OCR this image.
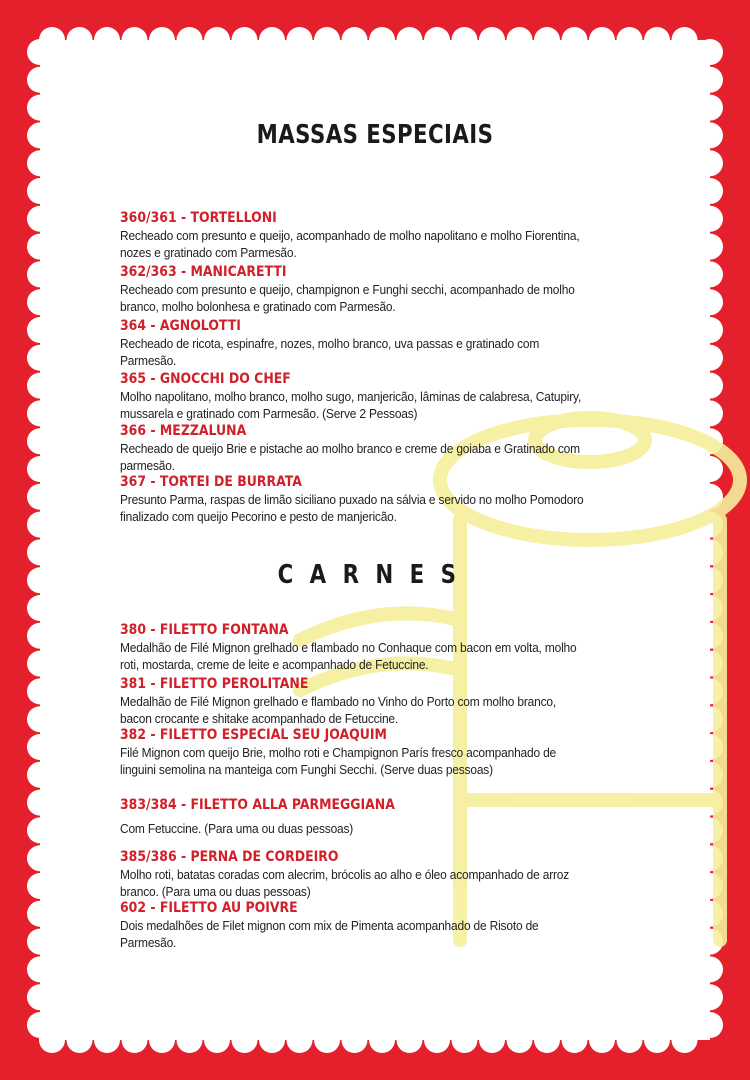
MASSAS ESPECIAIS
360/361 - TORTELLONI

Recheado com presunto e queijo, acompanhado de molho napolitano e molho Fiorentina, nozes e gratinado com Parmesão.

362/363 - MANICARETTI

Recheado com presunto e queijo, champignon e Funghi secchi, acompanhado de molho branco, molho bolonhesa e gratinado com Parmesão.

364 - AGNOLOTTI

Recheado de ricota, espinafre, nozes, molho branco, uva passas e gratinado com Parmesão.

365 - GNOCCHI DO CHEF

Molho napolitano, molho branco, molho sugo, manjericão, lâminas de calabresa, Catupiry, mussarela e gratinado com Parmesão. (Serve 2 Pessoas)

366 - MEZZALUNA

Recheado de queijo Brie e pistache ao molho branco e creme de goiaba e Gratinado com parmesão.

367 - TORTEI DE BURRATA

Presunto Parma, raspas de limão siciliano puxado na sálvia e servido no molho Pomodoro finalizado com queijo Pecorino e pesto de manjericão.

CARNES
380 - FILETTO FONTANA

Medalhão de Filé Mignon grelhado e flambado no Conhaque com bacon em volta, molho roti, mostarda, creme de leite e acompanhado de Fetuccine.

381 - FILETTO PEROLITANE

Medalhão de Filé Mignon grelhado e flambado no Vinho do Porto com molho branco, bacon crocante e shitake acompanhado de Fetuccine.

382 - FILETTO ESPECIAL SEU JOAQUIM

Filé Mignon com queijo Brie, molho roti e Champignon París fresco acompanhado de linguini semolina na manteiga com Funghi Secchi. (Serve duas pessoas)

383/384 - FILETTO ALLA PARMEGGIANA

Com Fetuccine. (Para uma ou duas pessoas)

385/386 - PERNA DE CORDEIRO

Molho roti, batatas coradas com alecrim, brócolis ao alho e óleo acompanhado de arroz branco. (Para uma ou duas pessoas)

602 - FILETTO AU POIVRE

Dois medalhões de Filet mignon com mix de Pimenta acompanhado de Risoto de Parmesão.
